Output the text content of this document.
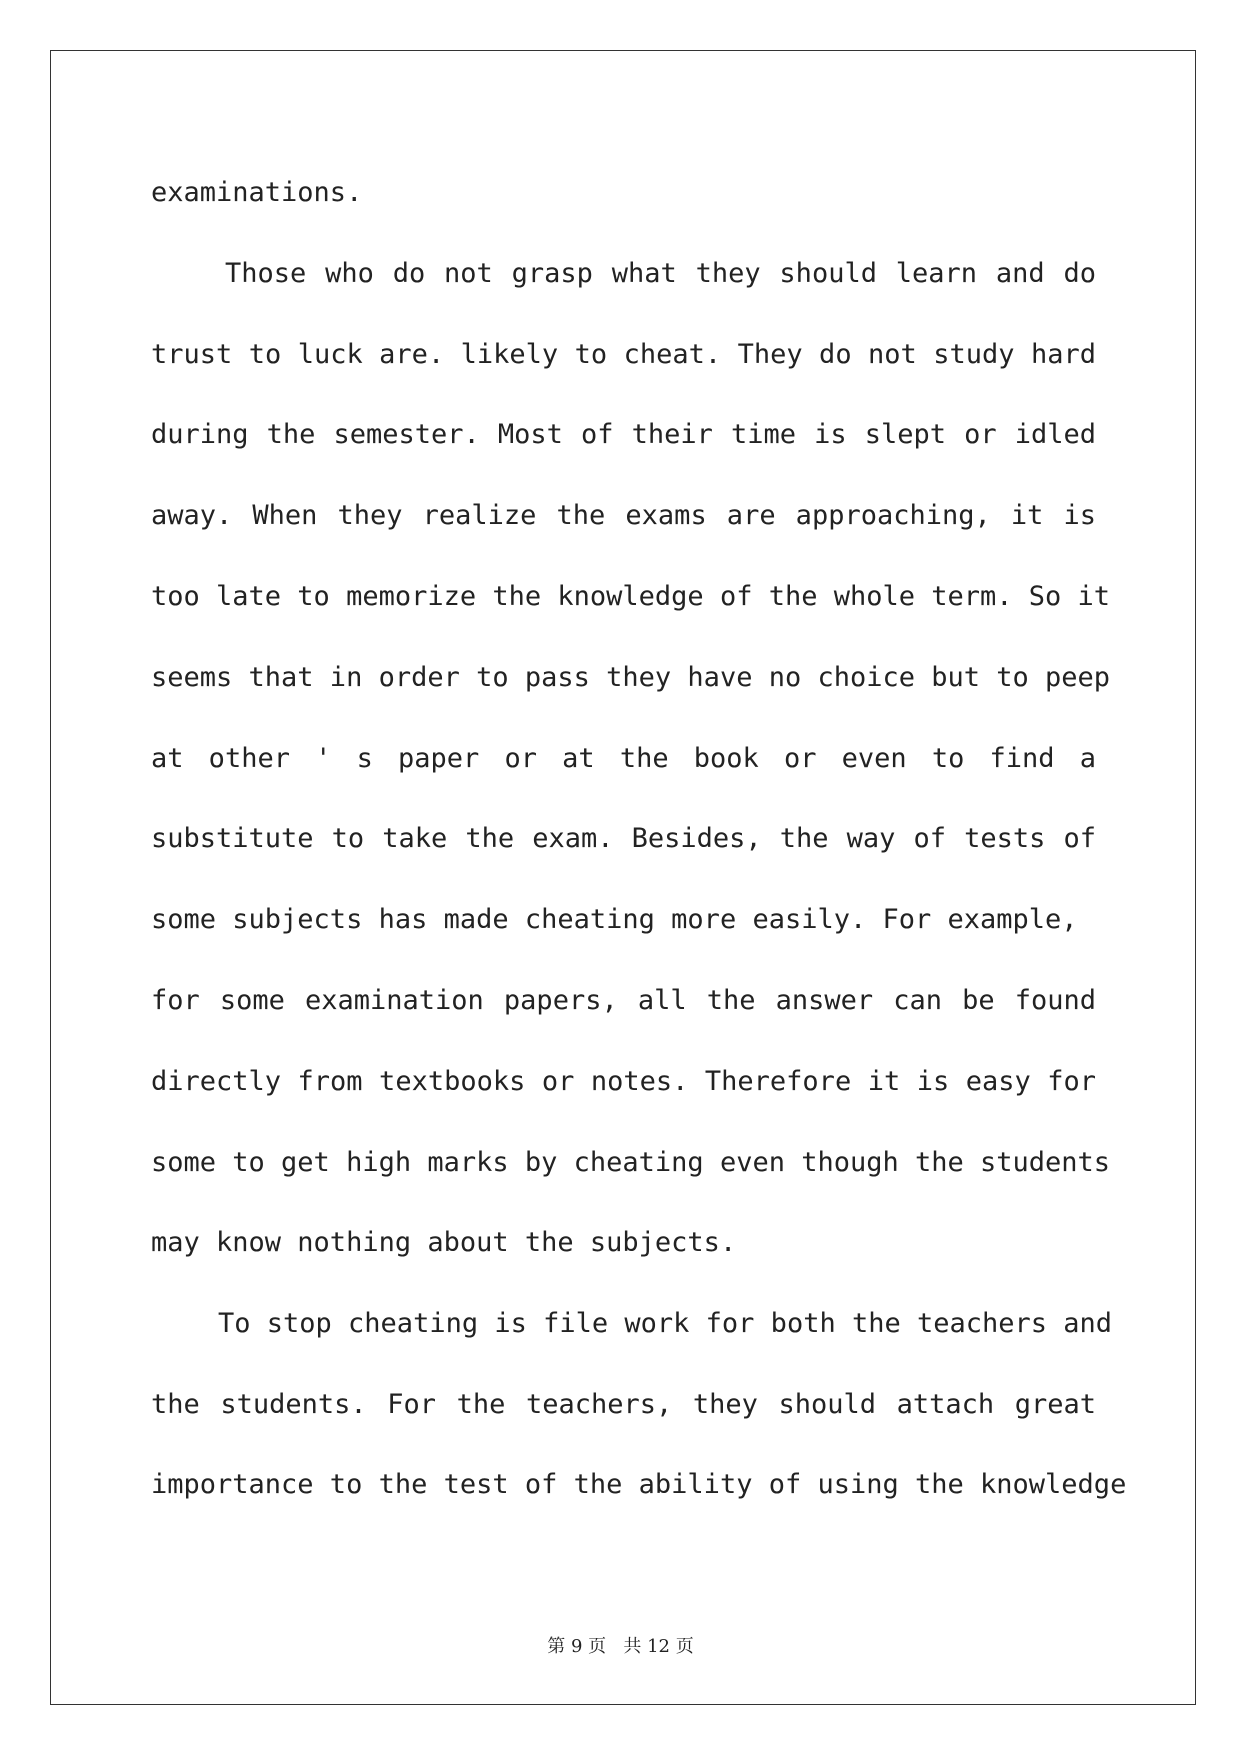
examinations.
Those who do not grasp what they should learn and do
trust to luck are. likely to cheat. They do not study hard
during the semester. Most of their time is slept or idled
away. When they realize the exams are approaching, it is
too late to memorize the knowledge of the whole term. So it
seems that in order to pass they have no choice but to peep
at other ' s paper or at the book or even to find a
substitute to take the exam. Besides, the way of tests of
some subjects has made cheating more easily. For example,
for some examination papers, all the answer can be found
directly from textbooks or notes. Therefore it is easy for
some to get high marks by cheating even though the students
may know nothing about the subjects.
To stop cheating is file work for both the teachers and
the students. For the teachers, they should attach great
importance to the test of the ability of using the knowledge
第 9 页   共 12 页
